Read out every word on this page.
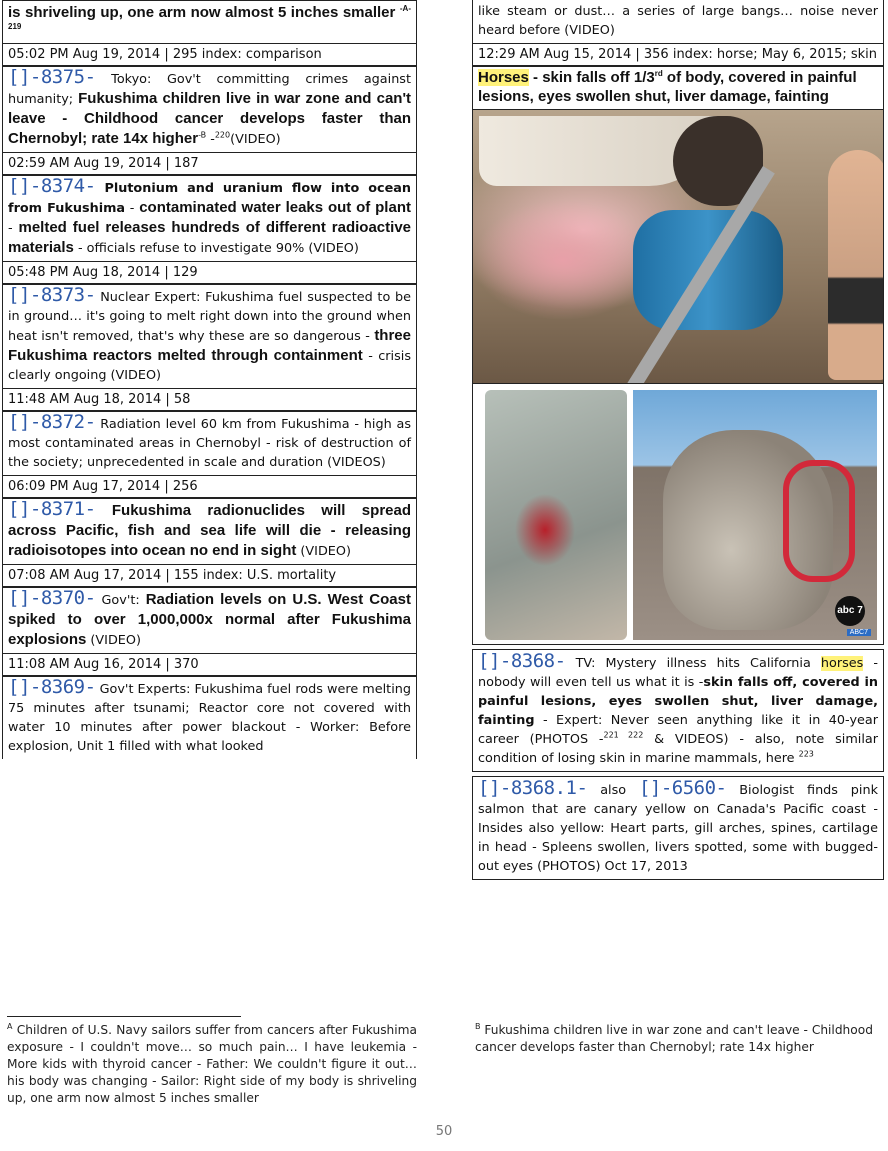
is shriveling up, one arm now almost 5 inches smaller $^{-A-219}$
05:02 PM Aug 19, 2014 | 295 index: comparison
[]-8375- Tokyo: Gov't committing crimes against humanity; Fukushima children live in war zone and can't leave - Childhood cancer develops faster than Chernobyl; rate 14x higher$^{-B}$ -$^{220}$(VIDEO)
02:59 AM Aug 19, 2014 | 187
[]-8374- Plutonium and uranium flow into ocean from Fukushima - contaminated water leaks out of plant - melted fuel releases hundreds of different radioactive materials - officials refuse to investigate 90% (VIDEO)
05:48 PM Aug 18, 2014 | 129
[]-8373- Nuclear Expert: Fukushima fuel suspected to be in ground… it's going to melt right down into the ground when heat isn't removed, that's why these are so dangerous - three Fukushima reactors melted through containment - crisis clearly ongoing (VIDEO)
11:48 AM Aug 18, 2014 | 58
[]-8372- Radiation level 60 km from Fukushima - high as most contaminated areas in Chernobyl - risk of destruction of the society; unprecedented in scale and duration (VIDEOS)
06:09 PM Aug 17, 2014 | 256
[]-8371- Fukushima radionuclides will spread across Pacific, fish and sea life will die - releasing radioisotopes into ocean no end in sight (VIDEO)
07:08 AM Aug 17, 2014 | 155 index: U.S. mortality
[]-8370- Gov't: Radiation levels on U.S. West Coast spiked to over 1,000,000x normal after Fukushima explosions (VIDEO)
11:08 AM Aug 16, 2014 | 370
[]-8369- Gov't Experts: Fukushima fuel rods were melting 75 minutes after tsunami; Reactor core not covered with water 10 minutes after power blackout - Worker: Before explosion, Unit 1 filled with what looked
like steam or dust… a series of large bangs… noise never heard before (VIDEO)
12:29 AM Aug 15, 2014 | 356 index: horse; May 6, 2015; skin
Horses - skin falls off 1/3rd of body, covered in painful lesions, eyes swollen shut, liver damage, fainting
abc 7
ABC7
[]-8368- TV: Mystery illness hits California horses - nobody will even tell us what it is -skin falls off, covered in painful lesions, eyes swollen shut, liver damage, fainting - Expert: Never seen anything like it in 40-year career (PHOTOS -$^{221}$ $^{222}$ & VIDEOS) - also, note similar condition of losing skin in marine mammals, here $^{223}$
[]-8368.1- also []-6560- Biologist finds pink salmon that are canary yellow on Canada's Pacific coast - Insides also yellow: Heart parts, gill arches, spines, cartilage in head - Spleens swollen, livers spotted, some with bugged-out eyes (PHOTOS) Oct 17, 2013
$^A$ Children of U.S. Navy sailors suffer from cancers after Fukushima exposure - I couldn't move… so much pain… I have leukemia - More kids with thyroid cancer - Father: We couldn't figure it out… his body was changing - Sailor: Right side of my body is shriveling up, one arm now almost 5 inches smaller
$^B$ Fukushima children live in war zone and can't leave - Childhood cancer develops faster than Chernobyl; rate 14x higher
50
